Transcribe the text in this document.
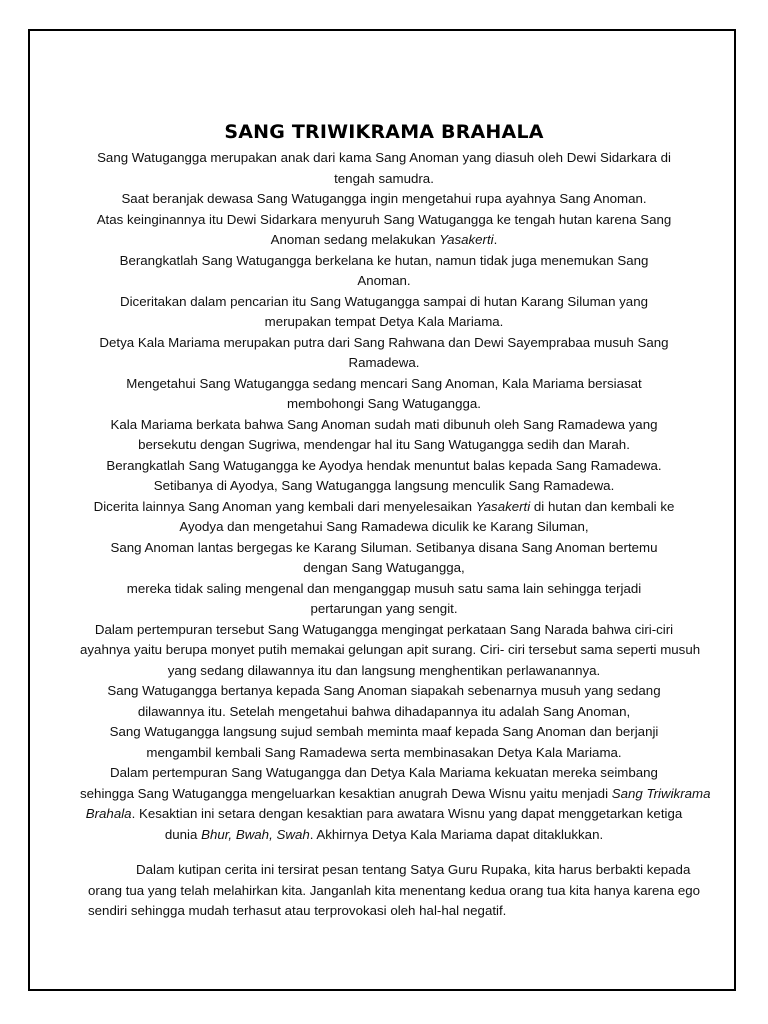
SANG TRIWIKRAMA BRAHALA
Sang Watugangga merupakan anak dari kama Sang Anoman yang diasuh oleh Dewi Sidarkara di
tengah samudra.
Saat beranjak dewasa Sang Watugangga ingin mengetahui rupa ayahnya Sang Anoman.
Atas keinginannya itu Dewi Sidarkara menyuruh Sang Watugangga ke tengah hutan karena Sang
Anoman sedang melakukan Yasakerti.
Berangkatlah Sang Watugangga berkelana ke hutan, namun tidak juga menemukan Sang
Anoman.
Diceritakan dalam pencarian itu Sang Watugangga sampai di hutan Karang Siluman yang
merupakan tempat Detya Kala Mariama.
Detya Kala Mariama merupakan putra dari Sang Rahwana dan Dewi Sayemprabaa musuh Sang
Ramadewa.
Mengetahui Sang Watugangga sedang mencari Sang Anoman, Kala Mariama bersiasat
membohongi Sang Watugangga.
Kala Mariama berkata bahwa Sang Anoman sudah mati dibunuh oleh Sang Ramadewa yang
bersekutu dengan Sugriwa, mendengar hal itu Sang Watugangga sedih dan Marah.
Berangkatlah Sang Watugangga ke Ayodya hendak menuntut balas kepada Sang Ramadewa.
Setibanya di Ayodya, Sang Watugangga langsung menculik Sang Ramadewa.
Dicerita lainnya Sang Anoman yang kembali dari menyelesaikan Yasakerti di hutan dan kembali ke
Ayodya dan mengetahui Sang Ramadewa diculik ke Karang Siluman,
Sang Anoman lantas bergegas ke Karang Siluman. Setibanya disana Sang Anoman bertemu
dengan Sang Watugangga,
mereka tidak saling mengenal dan menganggap musuh satu sama lain sehingga terjadi
pertarungan yang sengit.
Dalam pertempuran tersebut Sang Watugangga mengingat perkataan Sang Narada bahwa ciri-ciri
ayahnya yaitu berupa monyet putih memakai gelungan apit surang. Ciri- ciri tersebut sama seperti musuh
yang sedang dilawannya itu dan langsung menghentikan perlawanannya.
Sang Watugangga bertanya kepada Sang Anoman siapakah sebenarnya musuh yang sedang
dilawannya itu. Setelah mengetahui bahwa dihadapannya itu adalah Sang Anoman,
Sang Watugangga langsung sujud sembah meminta maaf kepada Sang Anoman dan berjanji
mengambil kembali Sang Ramadewa serta membinasakan Detya Kala Mariama.
Dalam pertempuran Sang Watugangga dan Detya Kala Mariama kekuatan mereka seimbang
sehingga Sang Watugangga mengeluarkan kesaktian anugrah Dewa Wisnu yaitu menjadi Sang Triwikrama
Brahala. Kesaktian ini setara dengan kesaktian para awatara Wisnu yang dapat menggetarkan ketiga
dunia Bhur, Bwah, Swah. Akhirnya Detya Kala Mariama dapat ditaklukkan.
Dalam kutipan cerita ini tersirat pesan tentang Satya Guru Rupaka, kita harus berbakti kepada
orang tua yang telah melahirkan kita. Janganlah kita menentang kedua orang tua kita hanya karena ego
sendiri sehingga mudah terhasut atau terprovokasi oleh hal-hal negatif.
